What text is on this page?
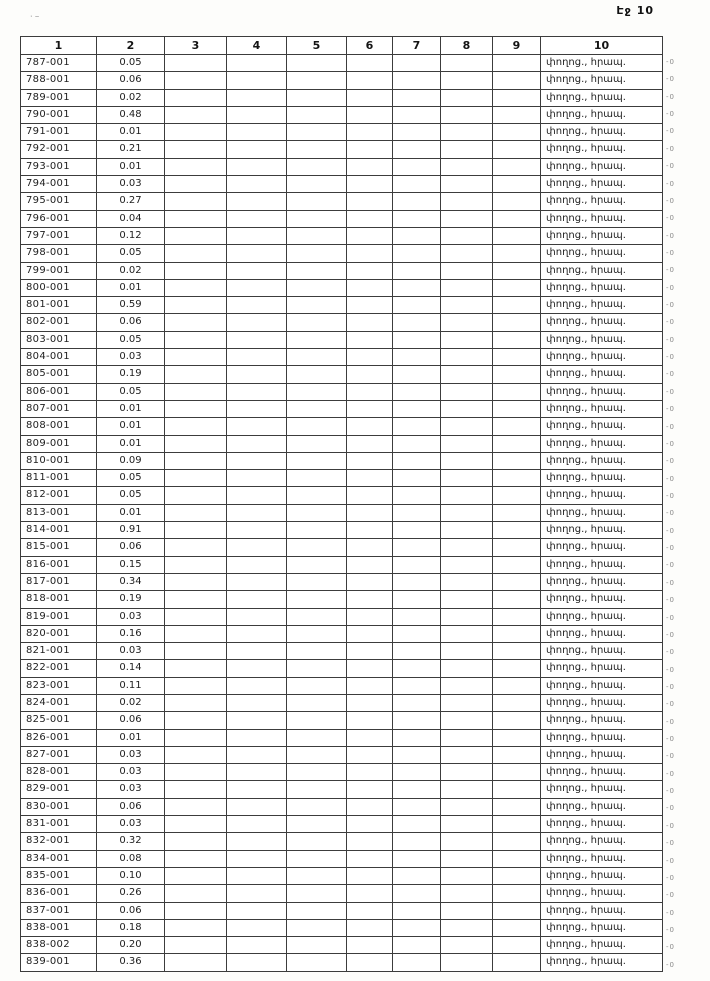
·–	Էջ 10
1	2	3	4	5	6	7	8	9	10
787-001	0.05								փողոց., հրապ.
788-001	0.06								փողոց., հրապ.
789-001	0.02								փողոց., հրապ.
790-001	0.48								փողոց., հրապ.
791-001	0.01								փողոց., հրապ.
792-001	0.21								փողոց., հրապ.
793-001	0.01								փողոց., հրապ.
794-001	0.03								փողոց., հրապ.
795-001	0.27								փողոց., հրապ.
796-001	0.04								փողոց., հրապ.
797-001	0.12								փողոց., հրապ.
798-001	0.05								փողոց., հրապ.
799-001	0.02								փողոց., հրապ.
800-001	0.01								փողոց., հրապ.
801-001	0.59								փողոց., հրապ.
802-001	0.06								փողոց., հրապ.
803-001	0.05								փողոց., հրապ.
804-001	0.03								փողոց., հրապ.
805-001	0.19								փողոց., հրապ.
806-001	0.05								փողոց., հրապ.
807-001	0.01								փողոց., հրապ.
808-001	0.01								փողոց., հրապ.
809-001	0.01								փողոց., հրապ.
810-001	0.09								փողոց., հրապ.
811-001	0.05								փողոց., հրապ.
812-001	0.05								փողոց., հրապ.
813-001	0.01								փողոց., հրապ.
814-001	0.91								փողոց., հրապ.
815-001	0.06								փողոց., հրապ.
816-001	0.15								փողոց., հրապ.
817-001	0.34								փողոց., հրապ.
818-001	0.19								փողոց., հրապ.
819-001	0.03								փողոց., հրապ.
820-001	0.16								փողոց., հրապ.
821-001	0.03								փողոց., հրապ.
822-001	0.14								փողոց., հրապ.
823-001	0.11								փողոց., հրապ.
824-001	0.02								փողոց., հրապ.
825-001	0.06								փողոց., հրապ.
826-001	0.01								փողոց., հրապ.
827-001	0.03								փողոց., հրապ.
828-001	0.03								փողոց., հրապ.
829-001	0.03								փողոց., հրապ.
830-001	0.06								փողոց., հրապ.
831-001	0.03								փողոց., հրապ.
832-001	0.32								փողոց., հրապ.
834-001	0.08								փողոց., հրապ.
835-001	0.10								փողոց., հրապ.
836-001	0.26								փողոց., հրապ.
837-001	0.06								փողոց., հրապ.
838-001	0.18								փողոց., հրապ.
838-002	0.20								փողոց., հրապ.
839-001	0.36								փողոց., հրապ.
-0
-0
-0
-0
-0
-0
-0
-0
-0
-0
-0
-0
-0
-0
-0
-0
-0
-0
-0
-0
-0
-0
-0
-0
-0
-0
-0
-0
-0
-0
-0
-0
-0
-0
-0
-0
-0
-0
-0
-0
-0
-0
-0
-0
-0
-0
-0
-0
-0
-0
-0
-0
-0
